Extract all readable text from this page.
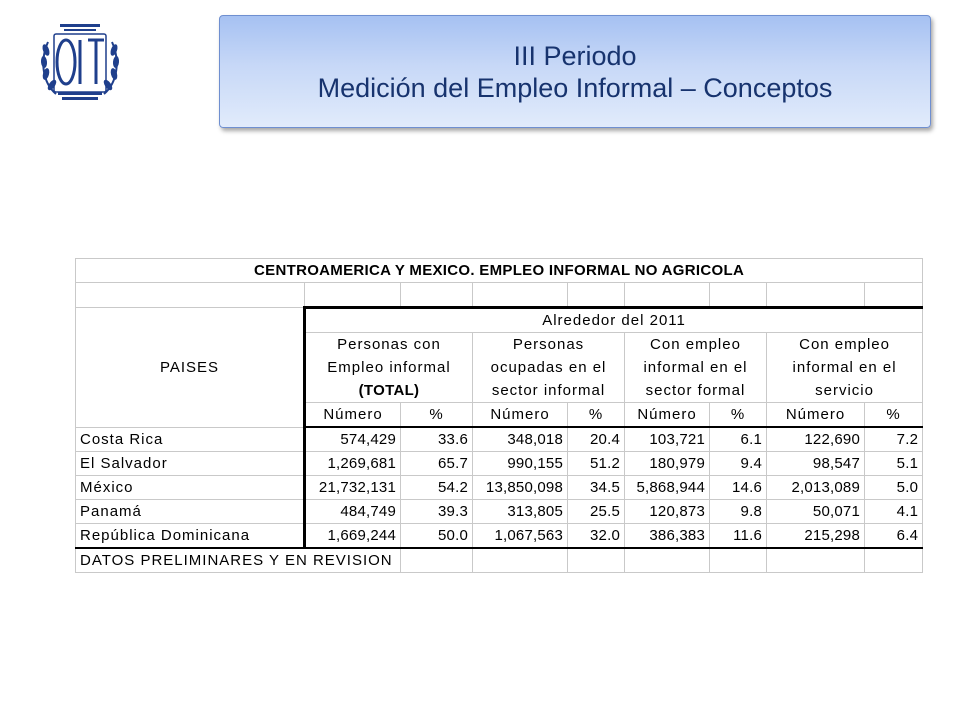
III Periodo
Medición del Empleo Informal – Conceptos
CENTROAMERICA Y MEXICO. EMPLEO INFORMAL NO AGRICOLA								

PAISES	Alrededor del 2011							
	Personas con		Personas		Con empleo		Con empleo	
	Empleo informal		ocupadas en el		informal en el		informal en el	
	(TOTAL)		sector informal		sector formal		servicio	
	Número	%	Número	%	Número	%	Número	%
Costa Rica	574,429	33.6	348,018	20.4	103,721	6.1	122,690	7.2
El Salvador	1,269,681	65.7	990,155	51.2	180,979	9.4	98,547	5.1
México	21,732,131	54.2	13,850,098	34.5	5,868,944	14.6	2,013,089	5.0
Panamá	484,749	39.3	313,805	25.5	120,873	9.8	50,071	4.1
República Dominicana	1,669,244	50.0	1,067,563	32.0	386,383	11.6	215,298	6.4
DATOS PRELIMINARES Y EN REVISION								
